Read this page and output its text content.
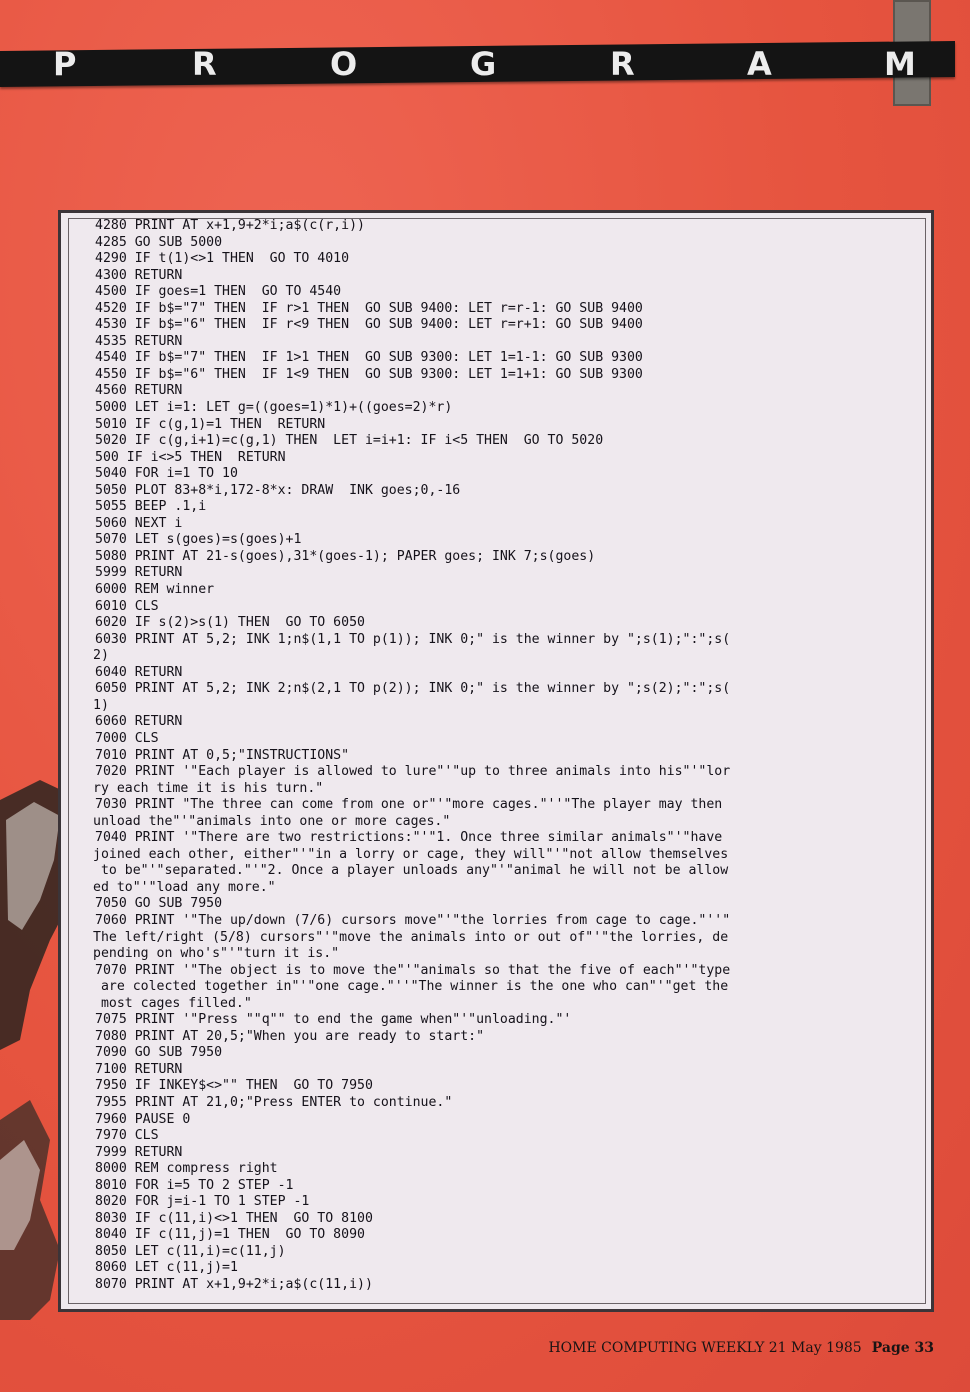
P	R	O	G	R	A	M

4280 PRINT AT x+1,9+2*i;a$(c(r,i))
4285 GO SUB 5000
4290 IF t(1)<>1 THEN  GO TO 4010
4300 RETURN
4500 IF goes=1 THEN  GO TO 4540
4520 IF b$="7" THEN  IF r>1 THEN  GO SUB 9400: LET r=r-1: GO SUB 9400
4530 IF b$="6" THEN  IF r<9 THEN  GO SUB 9400: LET r=r+1: GO SUB 9400
4535 RETURN
4540 IF b$="7" THEN  IF 1>1 THEN  GO SUB 9300: LET 1=1-1: GO SUB 9300
4550 IF b$="6" THEN  IF 1<9 THEN  GO SUB 9300: LET 1=1+1: GO SUB 9300
4560 RETURN
5000 LET i=1: LET g=((goes=1)*1)+((goes=2)*r)
5010 IF c(g,1)=1 THEN  RETURN
5020 IF c(g,i+1)=c(g,1) THEN  LET i=i+1: IF i<5 THEN  GO TO 5020
500 IF i<>5 THEN  RETURN
5040 FOR i=1 TO 10
5050 PLOT 83+8*i,172-8*x: DRAW  INK goes;0,-16
5055 BEEP .1,i
5060 NEXT i
5070 LET s(goes)=s(goes)+1
5080 PRINT AT 21-s(goes),31*(goes-1); PAPER goes; INK 7;s(goes)
5999 RETURN
6000 REM winner
6010 CLS
6020 IF s(2)>s(1) THEN  GO TO 6050
6030 PRINT AT 5,2; INK 1;n$(1,1 TO p(1)); INK 0;" is the winner by ";s(1);":";s(
2)
6040 RETURN
6050 PRINT AT 5,2; INK 2;n$(2,1 TO p(2)); INK 0;" is the winner by ";s(2);":";s(
1)
6060 RETURN
7000 CLS
7010 PRINT AT 0,5;"INSTRUCTIONS"
7020 PRINT '"Each player is allowed to lure"'"up to three animals into his"'"lor
ry each time it is his turn."
7030 PRINT "The three can come from one or"'"more cages."''"The player may then
unload the"'"animals into one or more cages."
7040 PRINT '"There are two restrictions:"'"1. Once three similar animals"'"have
joined each other, either"'"in a lorry or cage, they will"'"not allow themselves
to be"'"separated."'"2. Once a player unloads any"'"animal he will not be allow
ed to"'"load any more."
7050 GO SUB 7950
7060 PRINT '"The up/down (7/6) cursors move"'"the lorries from cage to cage."''"
The left/right (5/8) cursors"'"move the animals into or out of"'"the lorries, de
pending on who's"'"turn it is."
7070 PRINT '"The object is to move the"'"animals so that the five of each"'"type
are colected together in"'"one cage."''"The winner is the one who can"'"get the
most cages filled."
7075 PRINT '"Press ""q"" to end the game when"'"unloading."'
7080 PRINT AT 20,5;"When you are ready to start:"
7090 GO SUB 7950
7100 RETURN
7950 IF INKEY$<>"" THEN  GO TO 7950
7955 PRINT AT 21,0;"Press ENTER to continue."
7960 PAUSE 0
7970 CLS
7999 RETURN
8000 REM compress right
8010 FOR i=5 TO 2 STEP -1
8020 FOR j=i-1 TO 1 STEP -1
8030 IF c(11,i)<>1 THEN  GO TO 8100
8040 IF c(11,j)=1 THEN  GO TO 8090
8050 LET c(11,i)=c(11,j)
8060 LET c(11,j)=1
8070 PRINT AT x+1,9+2*i;a$(c(11,i))
HOME COMPUTING WEEKLY 21 May 1985 Page 33
